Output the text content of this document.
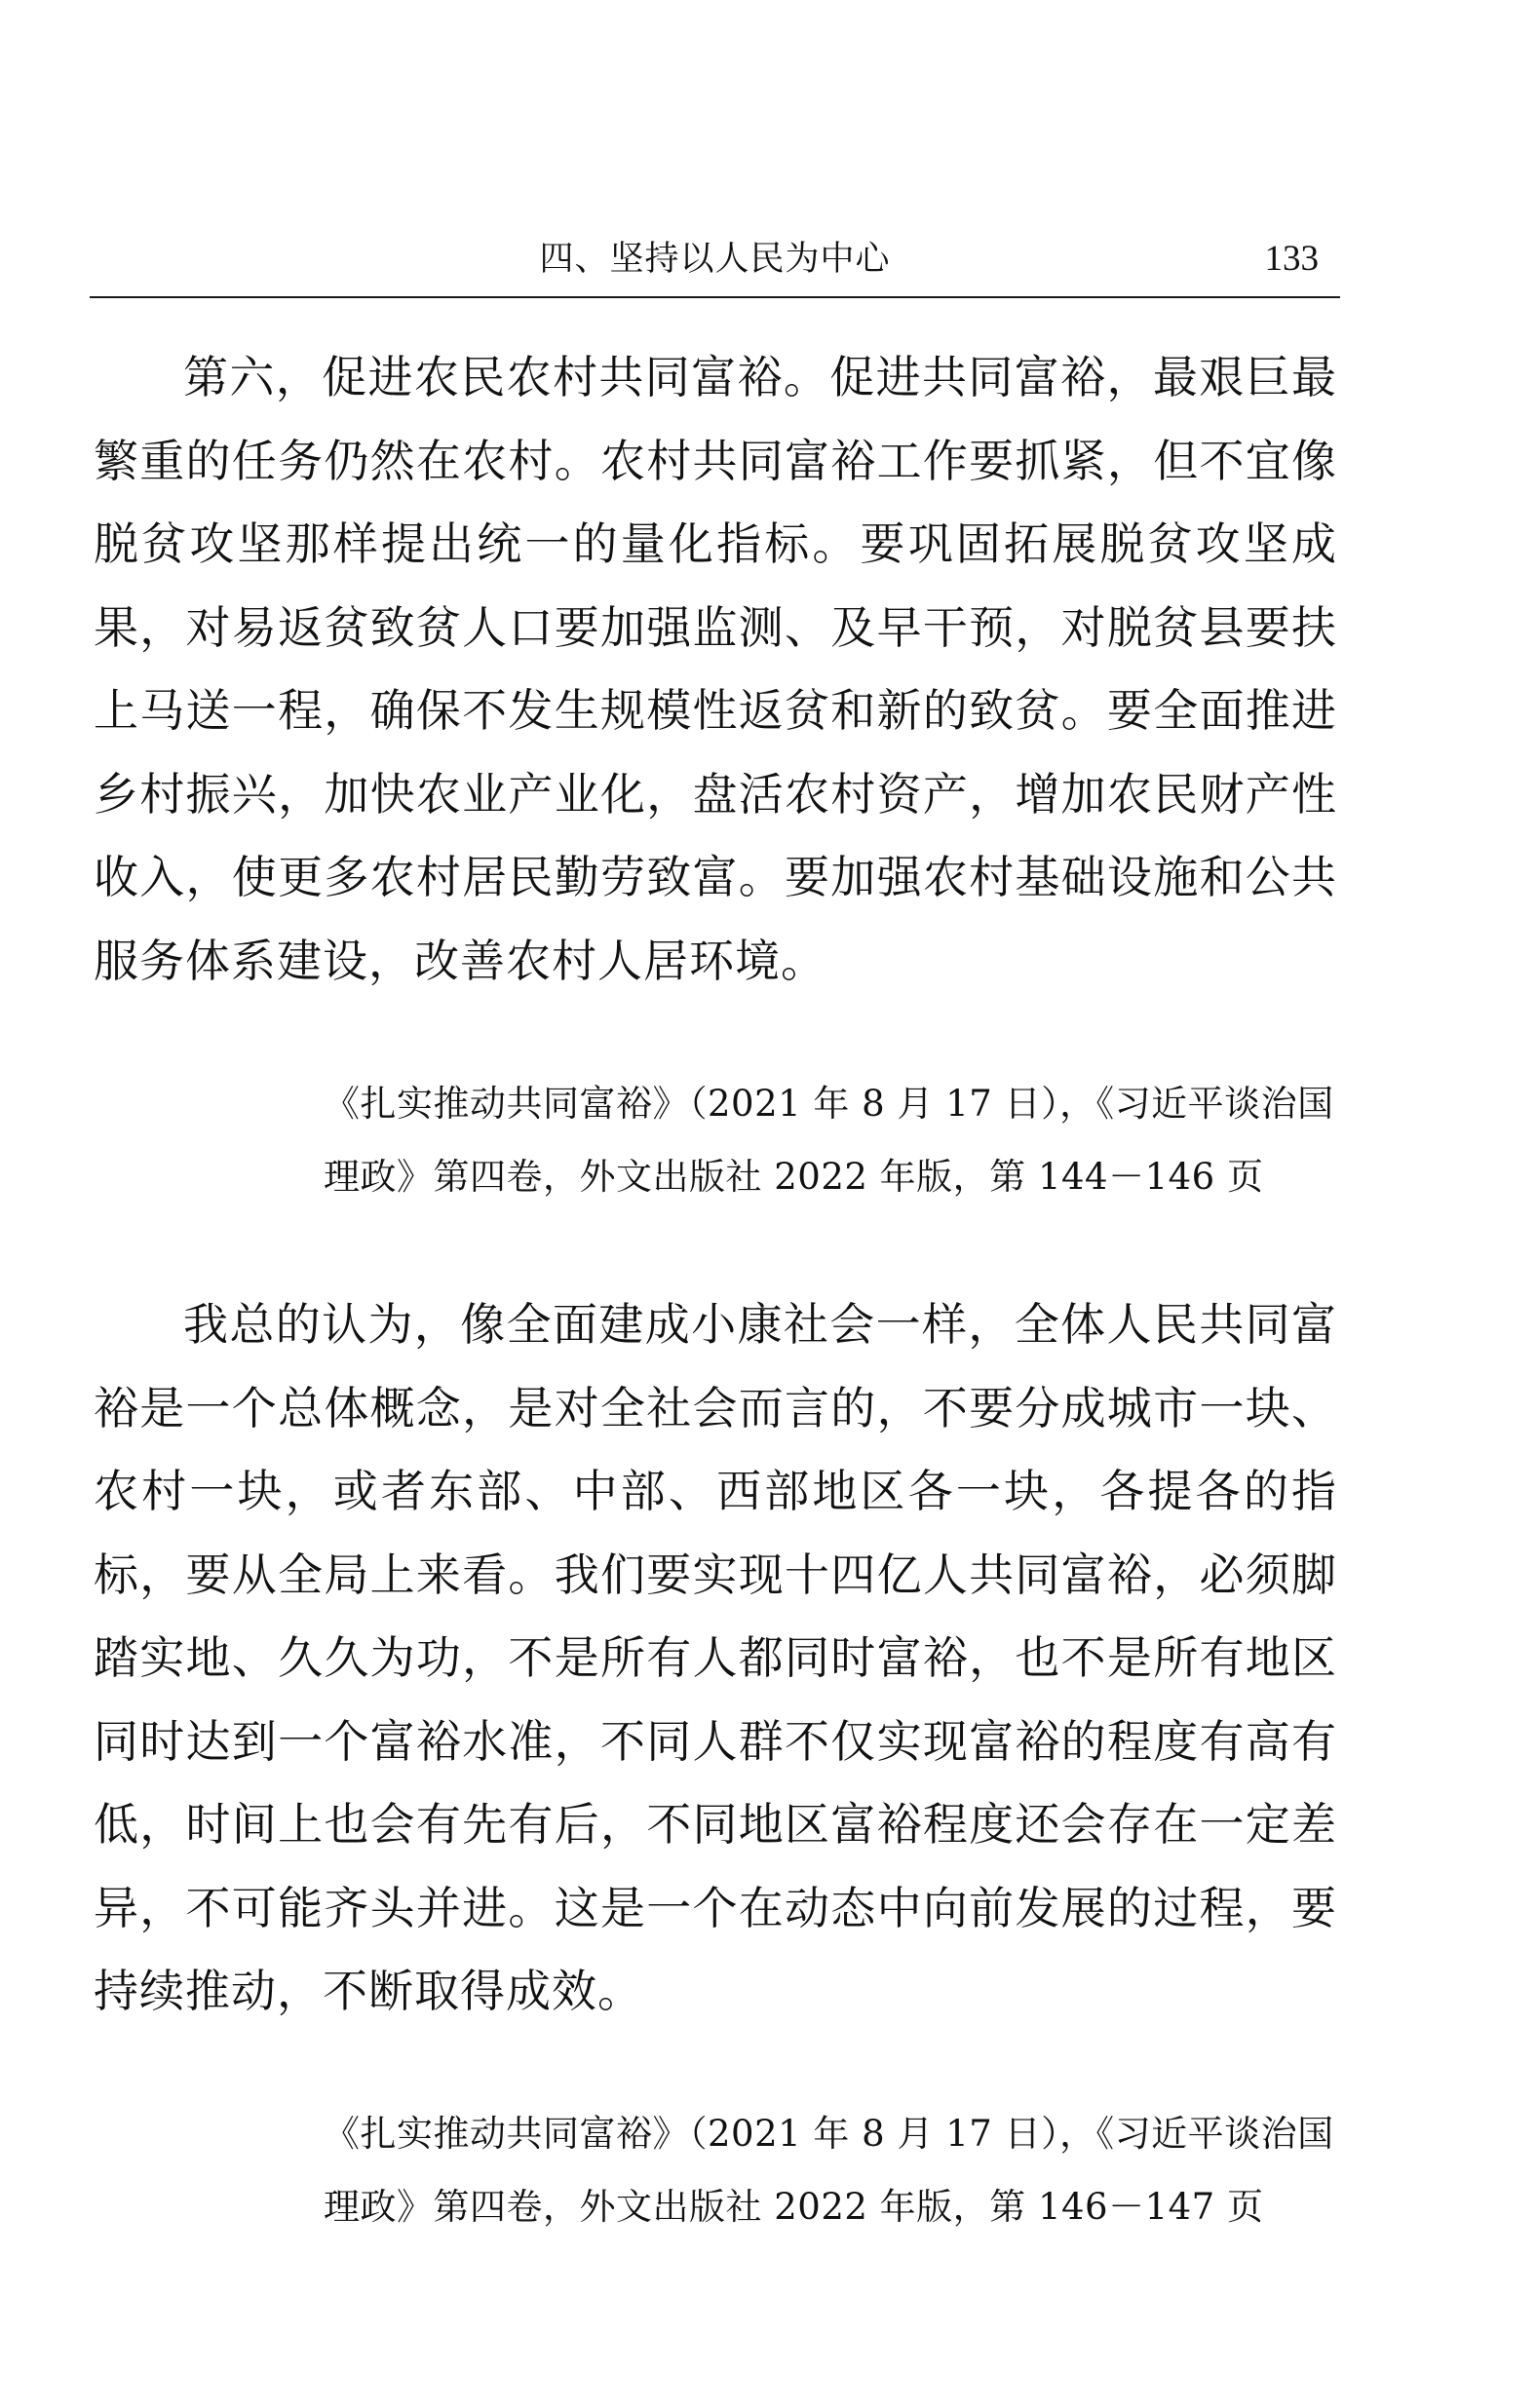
四、坚持以人民为中心	133

第六，促进农民农村共同富裕。促进共同富裕，最艰巨最繁重的任务仍然在农村。农村共同富裕工作要抓紧，但不宜像脱贫攻坚那样提出统一的量化指标。要巩固拓展脱贫攻坚成果，对易返贫致贫人口要加强监测、及早干预，对脱贫县要扶上马送一程，确保不发生规模性返贫和新的致贫。要全面推进乡村振兴，加快农业产业化，盘活农村资产，增加农民财产性收入，使更多农村居民勤劳致富。要加强农村基础设施和公共服务体系建设，改善农村人居环境。

《扎实推动共同富裕》（2021 年 8 月 17 日），《习近平谈治国理政》第四卷，外文出版社 2022 年版，第 144－146 页

我总的认为，像全面建成小康社会一样，全体人民共同富裕是一个总体概念，是对全社会而言的，不要分成城市一块、农村一块，或者东部、中部、西部地区各一块，各提各的指标，要从全局上来看。我们要实现十四亿人共同富裕，必须脚踏实地、久久为功，不是所有人都同时富裕，也不是所有地区同时达到一个富裕水准，不同人群不仅实现富裕的程度有高有低，时间上也会有先有后，不同地区富裕程度还会存在一定差异，不可能齐头并进。这是一个在动态中向前发展的过程，要持续推动，不断取得成效。

《扎实推动共同富裕》（2021 年 8 月 17 日），《习近平谈治国理政》第四卷，外文出版社 2022 年版，第 146－147 页
